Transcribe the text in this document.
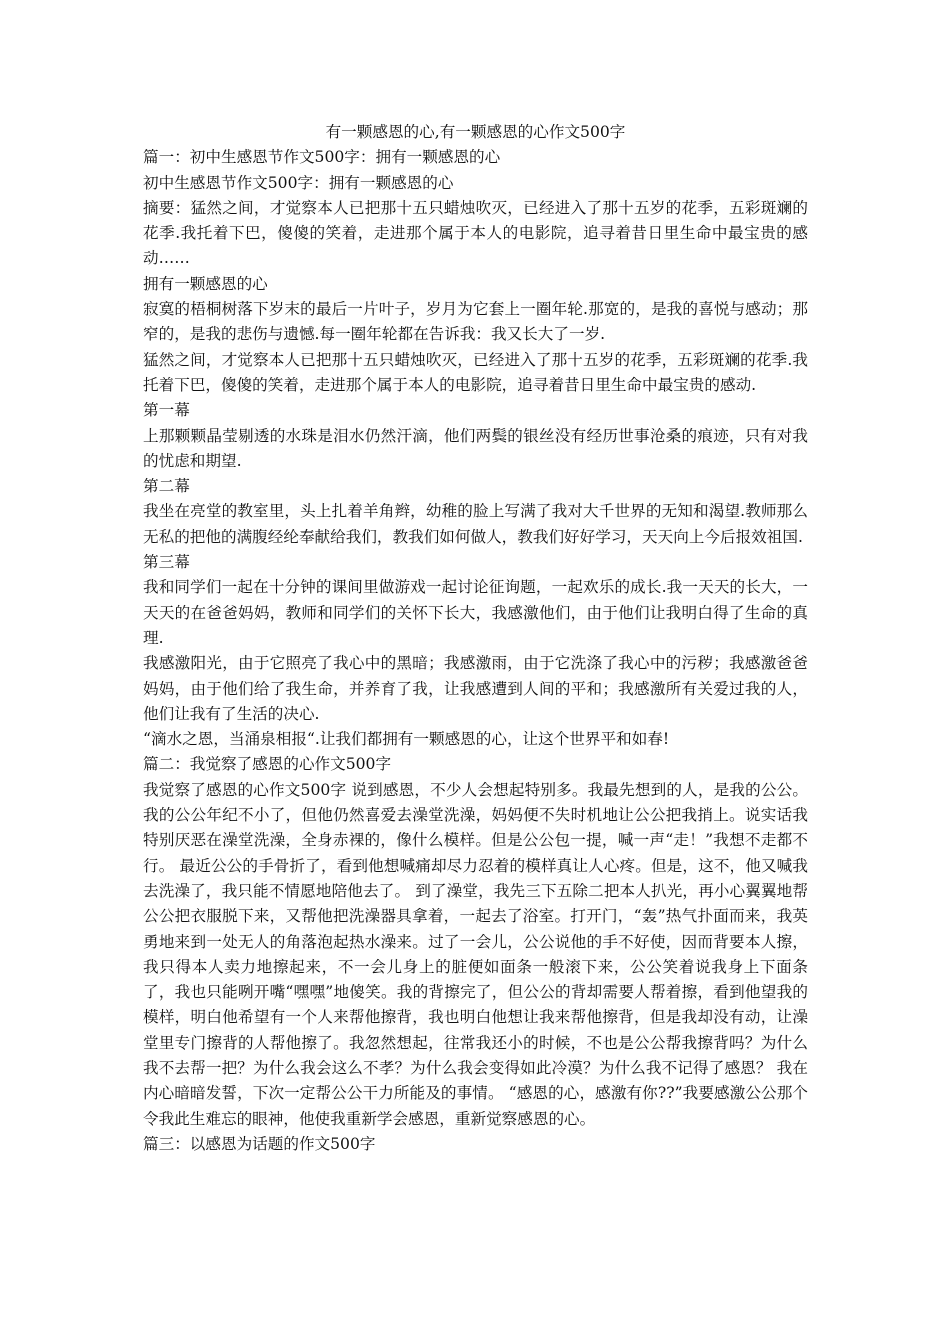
有一颗感恩的心,有一颗感恩的心作文500字

篇一：初中生感恩节作文500字：拥有一颗感恩的心

初中生感恩节作文500字：拥有一颗感恩的心

摘要：猛然之间，才觉察本人已把那十五只蜡烛吹灭，已经进入了那十五岁的花季，五彩斑斓的花季.我托着下巴，傻傻的笑着，走进那个属于本人的电影院，追寻着昔日里生命中最宝贵的感动……

拥有一颗感恩的心

寂寞的梧桐树落下岁末的最后一片叶子，岁月为它套上一圈年轮.那宽的，是我的喜悦与感动；那窄的，是我的悲伤与遗憾.每一圈年轮都在告诉我：我又长大了一岁.

猛然之间，才觉察本人已把那十五只蜡烛吹灭，已经进入了那十五岁的花季，五彩斑斓的花季.我托着下巴，傻傻的笑着，走进那个属于本人的电影院，追寻着昔日里生命中最宝贵的感动.

第一幕

上那颗颗晶莹剔透的水珠是泪水仍然汗滴，他们两鬓的银丝没有经历世事沧桑的痕迹，只有对我的忧虑和期望.

第二幕

我坐在亮堂的教室里，头上扎着羊角辫，幼稚的脸上写满了我对大千世界的无知和渴望.教师那么无私的把他的满腹经纶奉献给我们，教我们如何做人，教我们好好学习，天天向上今后报效祖国.

第三幕

我和同学们一起在十分钟的课间里做游戏一起讨论征询题，一起欢乐的成长.我一天天的长大，一天天的在爸爸妈妈，教师和同学们的关怀下长大，我感激他们，由于他们让我明白得了生命的真理.

我感激阳光，由于它照亮了我心中的黑暗；我感激雨，由于它洗涤了我心中的污秽；我感激爸爸妈妈，由于他们给了我生命，并养育了我，让我感遭到人间的平和；我感激所有关爱过我的人，他们让我有了生活的决心.

“滴水之恩，当涌泉相报“.让我们都拥有一颗感恩的心，让这个世界平和如春!

篇二：我觉察了感恩的心作文500字

我觉察了感恩的心作文500字 说到感恩，不少人会想起特别多。我最先想到的人，是我的公公。 我的公公年纪不小了，但他仍然喜爱去澡堂洗澡，妈妈便不失时机地让公公把我捎上。说实话我特别厌恶在澡堂洗澡，全身赤裸的，像什么模样。但是公公包一提，喊一声“走！”我想不走都不行。 最近公公的手骨折了，看到他想喊痛却尽力忍着的模样真让人心疼。但是，这不，他又喊我去洗澡了，我只能不情愿地陪他去了。 到了澡堂，我先三下五除二把本人扒光，再小心翼翼地帮公公把衣服脱下来，又帮他把洗澡器具拿着，一起去了浴室。打开门，“轰”热气扑面而来，我英勇地来到一处无人的角落泡起热水澡来。过了一会儿，公公说他的手不好使，因而背要本人擦，我只得本人卖力地擦起来，不一会儿身上的脏便如面条一般滚下来，公公笑着说我身上下面条了，我也只能咧开嘴“嘿嘿”地傻笑。我的背擦完了，但公公的背却需要人帮着擦，看到他望我的模样，明白他希望有一个人来帮他擦背，我也明白他想让我来帮他擦背，但是我却没有动，让澡堂里专门擦背的人帮他擦了。我忽然想起，往常我还小的时候，不也是公公帮我擦背吗？为什么我不去帮一把？为什么我会这么不孝？为什么我会变得如此冷漠？为什么我不记得了感恩？ 我在内心暗暗发誓，下次一定帮公公干力所能及的事情。 “感恩的心，感激有你??”我要感激公公那个令我此生难忘的眼神，他使我重新学会感恩，重新觉察感恩的心。

篇三：以感恩为话题的作文500字
